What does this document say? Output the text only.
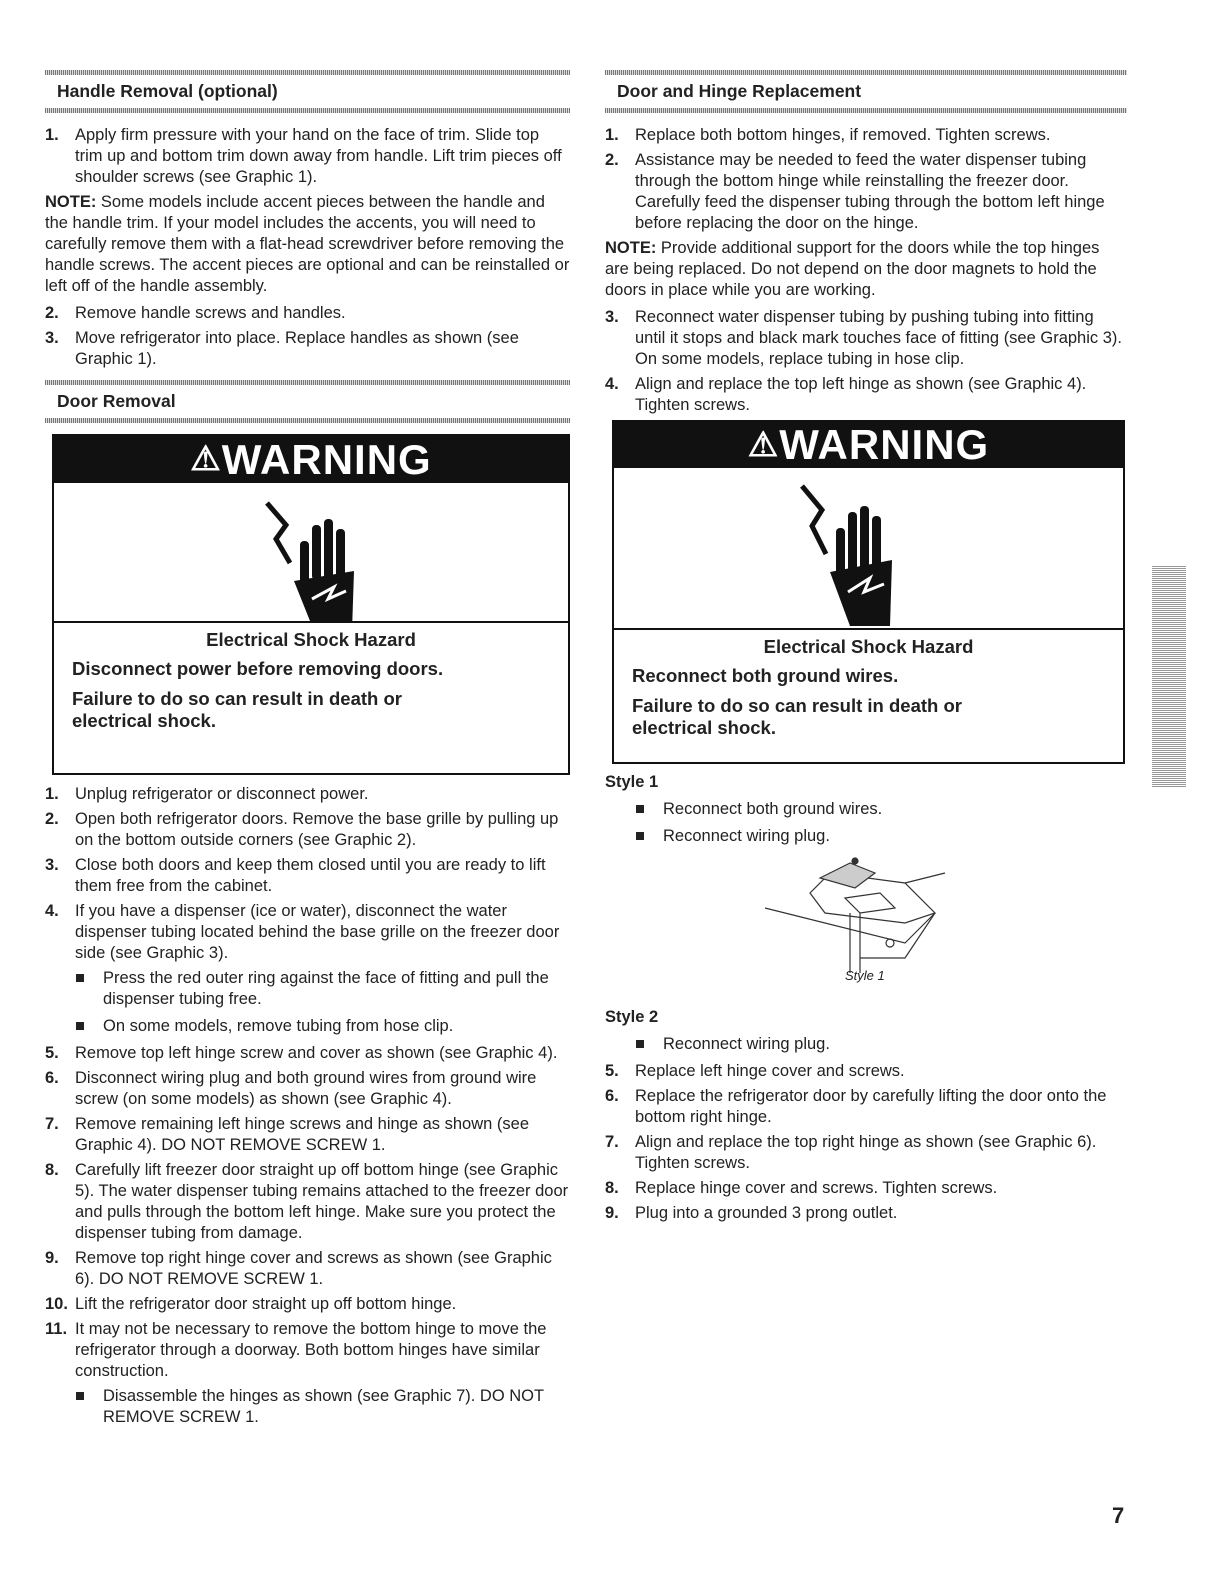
Handle Removal (optional)
1. Apply firm pressure with your hand on the face of trim. Slide top trim up and bottom trim down away from handle. Lift trim pieces off shoulder screws (see Graphic 1).
NOTE: Some models include accent pieces between the handle and the handle trim. If your model includes the accents, you will need to carefully remove them with a flat-head screwdriver before removing the handle screws. The accent pieces are optional and can be reinstalled or left off of the handle assembly.
2. Remove handle screws and handles.
3. Move refrigerator into place. Replace handles as shown (see Graphic 1).
Door Removal
⚠WARNING
Electrical Shock Hazard
Disconnect power before removing doors.
Failure to do so can result in death or electrical shock.
1. Unplug refrigerator or disconnect power.
2. Open both refrigerator doors. Remove the base grille by pulling up on the bottom outside corners (see Graphic 2).
3. Close both doors and keep them closed until you are ready to lift them free from the cabinet.
4. If you have a dispenser (ice or water), disconnect the water dispenser tubing located behind the base grille on the freezer door side (see Graphic 3).
Press the red outer ring against the face of fitting and pull the dispenser tubing free.
On some models, remove tubing from hose clip.
5. Remove top left hinge screw and cover as shown (see Graphic 4).
6. Disconnect wiring plug and both ground wires from ground wire screw (on some models) as shown (see Graphic 4).
7. Remove remaining left hinge screws and hinge as shown (see Graphic 4). DO NOT REMOVE SCREW 1.
8. Carefully lift freezer door straight up off bottom hinge (see Graphic 5). The water dispenser tubing remains attached to the freezer door and pulls through the bottom left hinge. Make sure you protect the dispenser tubing from damage.
9. Remove top right hinge cover and screws as shown (see Graphic 6). DO NOT REMOVE SCREW 1.
10. Lift the refrigerator door straight up off bottom hinge.
11. It may not be necessary to remove the bottom hinge to move the refrigerator through a doorway. Both bottom hinges have similar construction.
Disassemble the hinges as shown (see Graphic 7). DO NOT REMOVE SCREW 1.
Door and Hinge Replacement
1. Replace both bottom hinges, if removed. Tighten screws.
2. Assistance may be needed to feed the water dispenser tubing through the bottom hinge while reinstalling the freezer door. Carefully feed the dispenser tubing through the bottom left hinge before replacing the door on the hinge.
NOTE: Provide additional support for the doors while the top hinges are being replaced. Do not depend on the door magnets to hold the doors in place while you are working.
3. Reconnect water dispenser tubing by pushing tubing into fitting until it stops and black mark touches face of fitting (see Graphic 3). On some models, replace tubing in hose clip.
4. Align and replace the top left hinge as shown (see Graphic 4). Tighten screws.
⚠WARNING
Electrical Shock Hazard
Reconnect both ground wires.
Failure to do so can result in death or electrical shock.
Style 1
Reconnect both ground wires.
Reconnect wiring plug.
Style 1
Style 2
Reconnect wiring plug.
5. Replace left hinge cover and screws.
6. Replace the refrigerator door by carefully lifting the door onto the bottom right hinge.
7. Align and replace the top right hinge as shown (see Graphic 6). Tighten screws.
8. Replace hinge cover and screws. Tighten screws.
9. Plug into a grounded 3 prong outlet.
7
